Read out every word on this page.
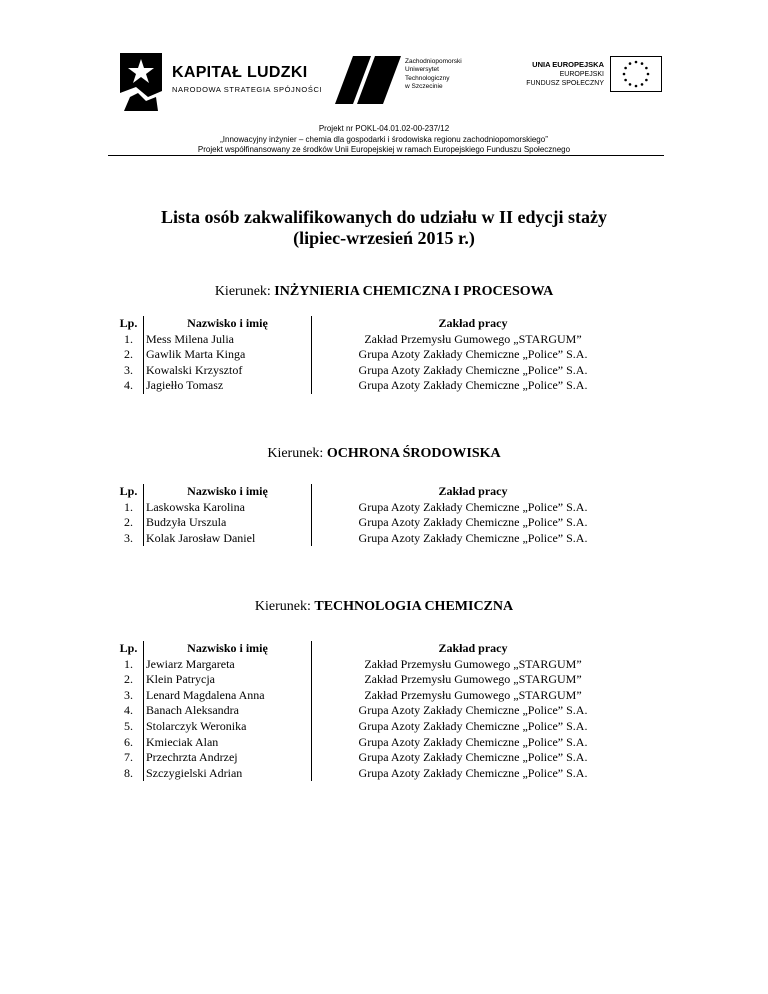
KAPITAŁ LUDZKI
NARODOWA STRATEGIA SPÓJNOŚCI
Zachodniopomorski
Uniwersytet
Technologiczny
w Szczecinie
UNIA EUROPEJSKA
EUROPEJSKI
FUNDUSZ SPOŁECZNY
Projekt nr POKL-04.01.02-00-237/12
„Innowacyjny inżynier – chemia dla gospodarki i środowiska regionu zachodniopomorskiego”
Projekt współfinansowany ze środków Unii Europejskiej w ramach Europejskiego Funduszu Społecznego
Lista osób zakwalifikowanych do udziału w II edycji staży
(lipiec-wrzesień 2015 r.)
Kierunek: INŻYNIERIA CHEMICZNA I PROCESOWA
Lp.	Nazwisko i imię	Zakład pracy
1.	Mess Milena Julia	Zakład Przemysłu Gumowego „STARGUM”
2.	Gawlik Marta Kinga	Grupa Azoty Zakłady Chemiczne „Police” S.A.
3.	Kowalski Krzysztof	Grupa Azoty Zakłady Chemiczne „Police” S.A.
4.	Jagiełło Tomasz	Grupa Azoty Zakłady Chemiczne „Police” S.A.
Kierunek: OCHRONA ŚRODOWISKA
Lp.	Nazwisko i imię	Zakład pracy
1.	Laskowska Karolina	Grupa Azoty Zakłady Chemiczne „Police” S.A.
2.	Budzyła Urszula	Grupa Azoty Zakłady Chemiczne „Police” S.A.
3.	Kolak Jarosław Daniel	Grupa Azoty Zakłady Chemiczne „Police” S.A.
Kierunek: TECHNOLOGIA CHEMICZNA
Lp.	Nazwisko i imię	Zakład pracy
1.	Jewiarz Margareta	Zakład Przemysłu Gumowego „STARGUM”
2.	Klein Patrycja	Zakład Przemysłu Gumowego „STARGUM”
3.	Lenard Magdalena Anna	Zakład Przemysłu Gumowego „STARGUM”
4.	Banach Aleksandra	Grupa Azoty Zakłady Chemiczne „Police” S.A.
5.	Stolarczyk Weronika	Grupa Azoty Zakłady Chemiczne „Police” S.A.
6.	Kmieciak Alan	Grupa Azoty Zakłady Chemiczne „Police” S.A.
7.	Przechrzta Andrzej	Grupa Azoty Zakłady Chemiczne „Police” S.A.
8.	Szczygielski Adrian	Grupa Azoty Zakłady Chemiczne „Police” S.A.
